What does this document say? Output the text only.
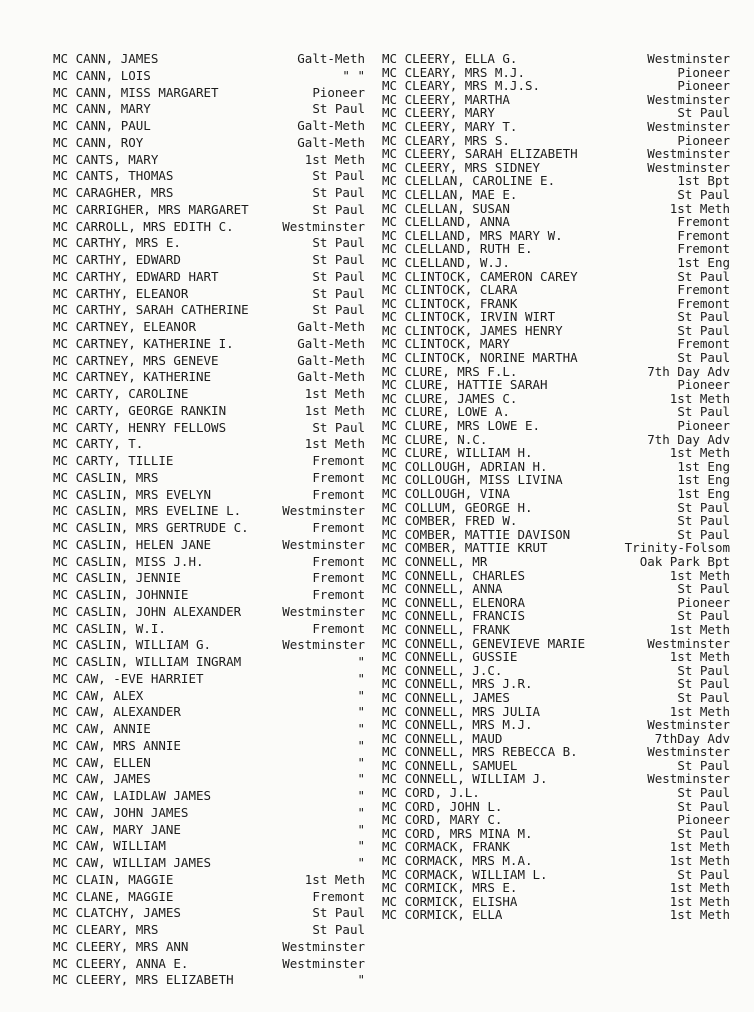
MC CANN, JAMES	Galt-Meth
MC CANN, LOIS	" "
MC CANN, MISS MARGARET	Pioneer
MC CANN, MARY	St Paul
MC CANN, PAUL	Galt-Meth
MC CANN, ROY	Galt-Meth
MC CANTS, MARY	1st Meth
MC CANTS, THOMAS	St Paul
MC CARAGHER, MRS	St Paul
MC CARRIGHER, MRS MARGARET	St Paul
MC CARROLL, MRS EDITH C.	Westminster
MC CARTHY, MRS E.	St Paul
MC CARTHY, EDWARD	St Paul
MC CARTHY, EDWARD HART	St Paul
MC CARTHY, ELEANOR	St Paul
MC CARTHY, SARAH CATHERINE	St Paul
MC CARTNEY, ELEANOR	Galt-Meth
MC CARTNEY, KATHERINE I.	Galt-Meth
MC CARTNEY, MRS GENEVE	Galt-Meth
MC CARTNEY, KATHERINE	Galt-Meth
MC CARTY, CAROLINE	1st Meth
MC CARTY, GEORGE RANKIN	1st Meth
MC CARTY, HENRY FELLOWS	St Paul
MC CARTY, T.	1st Meth
MC CARTY, TILLIE	Fremont
MC CASLIN, MRS	Fremont
MC CASLIN, MRS EVELYN	Fremont
MC CASLIN, MRS EVELINE L.	Westminster
MC CASLIN, MRS GERTRUDE C.	Fremont
MC CASLIN, HELEN JANE	Westminster
MC CASLIN, MISS J.H.	Fremont
MC CASLIN, JENNIE	Fremont
MC CASLIN, JOHNNIE	Fremont
MC CASLIN, JOHN ALEXANDER	Westminster
MC CASLIN, W.I.	Fremont
MC CASLIN, WILLIAM G.	Westminster
MC CASLIN, WILLIAM INGRAM	"
MC CAW, -EVE HARRIET	"
MC CAW, ALEX	"
MC CAW, ALEXANDER	"
MC CAW, ANNIE	"
MC CAW, MRS ANNIE	"
MC CAW, ELLEN	"
MC CAW, JAMES	"
MC CAW, LAIDLAW JAMES	"
MC CAW, JOHN JAMES	"
MC CAW, MARY JANE	"
MC CAW, WILLIAM	"
MC CAW, WILLIAM JAMES	"
MC CLAIN, MAGGIE	1st Meth
MC CLANE, MAGGIE	Fremont
MC CLATCHY, JAMES	St Paul
MC CLEARY, MRS	St Paul
MC CLEERY, MRS ANN	Westminster
MC CLEERY, ANNA E.	Westminster
MC CLEERY, MRS ELIZABETH	"
MC CLEERY, ELLA G.	Westminster
MC CLEARY, MRS M.J.	Pioneer
MC CLEARY, MRS M.J.S.	Pioneer
MC CLEERY, MARTHA	Westminster
MC CLEERY, MARY	St Paul
MC CLEERY, MARY T.	Westminster
MC CLEARY, MRS S.	Pioneer
MC CLEERY, SARAH ELIZABETH	Westminster
MC CLEERY, MRS SIDNEY	Westminster
MC CLELLAN, CAROLINE E.	1st Bpt
MC CLELLAN, MAE E.	St Paul
MC CLELLAN, SUSAN	1st Meth
MC CLELLAND, ANNA	Fremont
MC CLELLAND, MRS MARY W.	Fremont
MC CLELLAND, RUTH E.	Fremont
MC CLELLAND, W.J.	1st Eng
MC CLINTOCK, CAMERON CAREY	St Paul
MC CLINTOCK, CLARA	Fremont
MC CLINTOCK, FRANK	Fremont
MC CLINTOCK, IRVIN WIRT	St Paul
MC CLINTOCK, JAMES HENRY	St Paul
MC CLINTOCK, MARY	Fremont
MC CLINTOCK, NORINE MARTHA	St Paul
MC CLURE, MRS F.L.	7th Day Adv
MC CLURE, HATTIE SARAH	Pioneer
MC CLURE, JAMES C.	1st Meth
MC CLURE, LOWE A.	St Paul
MC CLURE, MRS LOWE E.	Pioneer
MC CLURE, N.C.	7th Day Adv
MC CLURE, WILLIAM H.	1st Meth
MC COLLOUGH, ADRIAN H.	1st Eng
MC COLLOUGH, MISS LIVINA	1st Eng
MC COLLOUGH, VINA	1st Eng
MC COLLUM, GEORGE H.	St Paul
MC COMBER, FRED W.	St Paul
MC COMBER, MATTIE DAVISON	St Paul
MC COMBER, MATTIE KRUT	Trinity-Folsom
MC CONNELL, MR	Oak Park Bpt
MC CONNELL, CHARLES	1st Meth
MC CONNELL, ANNA	St Paul
MC CONNELL, ELENORA	Pioneer
MC CONNELL, FRANCIS	St Paul
MC CONNELL, FRANK	1st Meth
MC CONNELL, GENEVIEVE MARIE	Westminster
MC CONNELL, GUSSIE	1st Meth
MC CONNELL, J.C.	St Paul
MC CONNELL, MRS J.R.	St Paul
MC CONNELL, JAMES	St Paul
MC CONNELL, MRS JULIA	1st Meth
MC CONNELL, MRS M.J.	Westminster
MC CONNELL, MAUD	7thDay Adv
MC CONNELL, MRS REBECCA B.	Westminster
MC CONNELL, SAMUEL	St Paul
MC CONNELL, WILLIAM J.	Westminster
MC CORD, J.L.	St Paul
MC CORD, JOHN L.	St Paul
MC CORD, MARY C.	Pioneer
MC CORD, MRS MINA M.	St Paul
MC CORMACK, FRANK	1st Meth
MC CORMACK, MRS M.A.	1st Meth
MC CORMACK, WILLIAM L.	St Paul
MC CORMICK, MRS E.	1st Meth
MC CORMICK, ELISHA	1st Meth
MC CORMICK, ELLA	1st Meth
